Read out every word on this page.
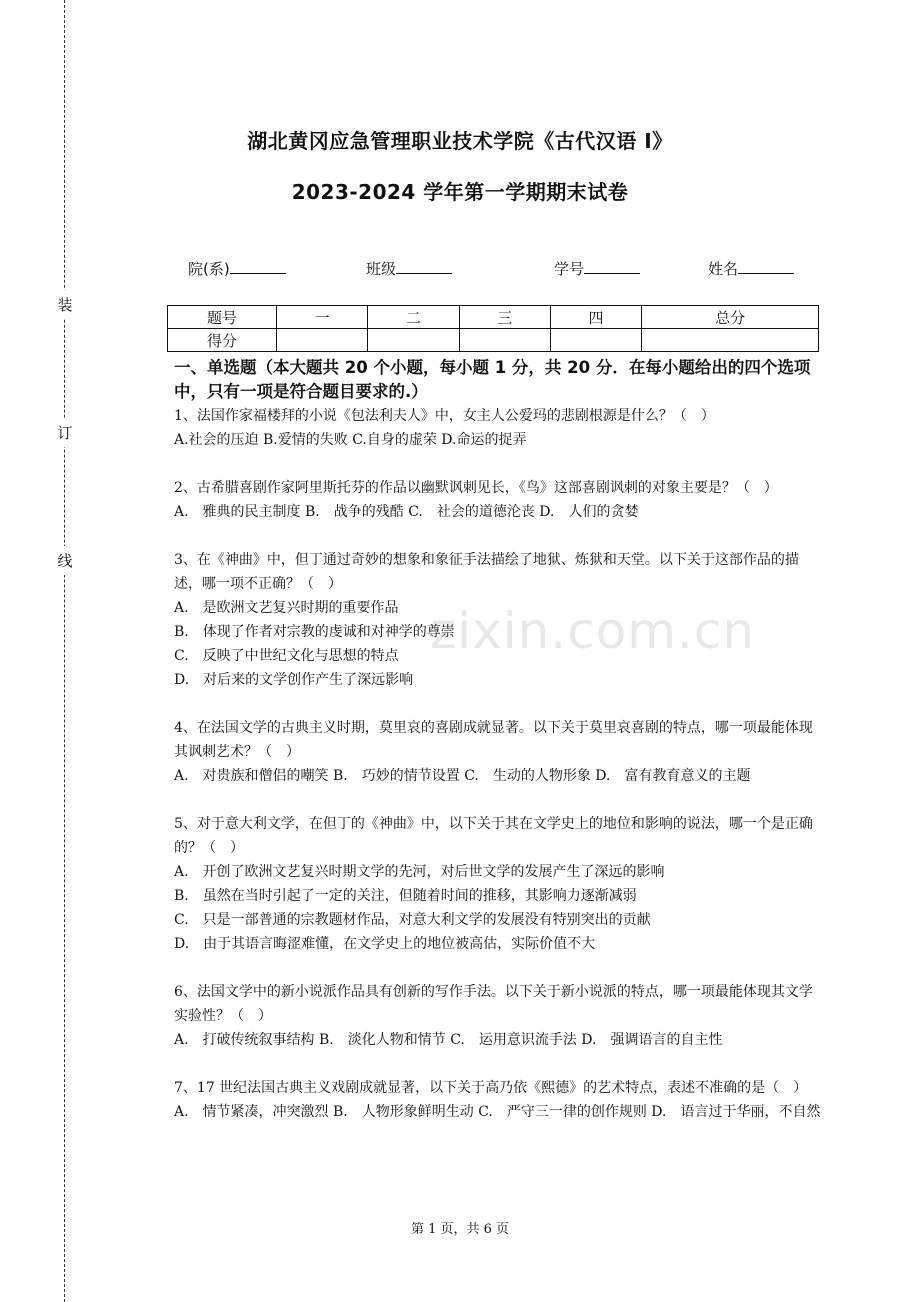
装
订
线
湖北黄冈应急管理职业技术学院《古代汉语 I》
2023-2024 学年第一学期期末试卷
院(系)	班级	学号	姓名
题号	一	二	三	四	总分
得分					
一、单选题（本大题共 20 个小题，每小题 1 分，共 20 分．在每小题给出的四个选项中，只有一项是符合题目要求的.）
zixin.com.cn

1、法国作家福楼拜的小说《包法利夫人》中，女主人公爱玛的悲剧根源是什么？（　）

A.社会的压迫 B.爱情的失败 C.自身的虚荣 D.命运的捉弄

2、古希腊喜剧作家阿里斯托芬的作品以幽默讽刺见长，《鸟》这部喜剧讽刺的对象主要是？（　）

A.　雅典的民主制度 B.　战争的残酷 C.　社会的道德沦丧 D.　人们的贪婪

3、在《神曲》中，但丁通过奇妙的想象和象征手法描绘了地狱、炼狱和天堂。以下关于这部作品的描述，哪一项不正确？（　）

A.　是欧洲文艺复兴时期的重要作品

B.　体现了作者对宗教的虔诚和对神学的尊崇

C.　反映了中世纪文化与思想的特点

D.　对后来的文学创作产生了深远影响

4、在法国文学的古典主义时期，莫里哀的喜剧成就显著。以下关于莫里哀喜剧的特点，哪一项最能体现其讽刺艺术？（　）

A.　对贵族和僧侣的嘲笑 B.　巧妙的情节设置 C.　生动的人物形象 D.　富有教育意义的主题

5、对于意大利文学，在但丁的《神曲》中，以下关于其在文学史上的地位和影响的说法，哪一个是正确的？（　）

A.　开创了欧洲文艺复兴时期文学的先河，对后世文学的发展产生了深远的影响

B.　虽然在当时引起了一定的关注，但随着时间的推移，其影响力逐渐减弱

C.　只是一部普通的宗教题材作品，对意大利文学的发展没有特别突出的贡献

D.　由于其语言晦涩难懂，在文学史上的地位被高估，实际价值不大

6、法国文学中的新小说派作品具有创新的写作手法。以下关于新小说派的特点，哪一项最能体现其文学实验性？（　）

A.　打破传统叙事结构 B.　淡化人物和情节 C.　运用意识流手法 D.　强调语言的自主性

7、17 世纪法国古典主义戏剧成就显著，以下关于高乃依《熙德》的艺术特点，表述不准确的是（　）

A.　情节紧凑，冲突激烈 B.　人物形象鲜明生动 C.　严守三一律的创作规则 D.　语言过于华丽，不自然

第 1 页，共 6 页
